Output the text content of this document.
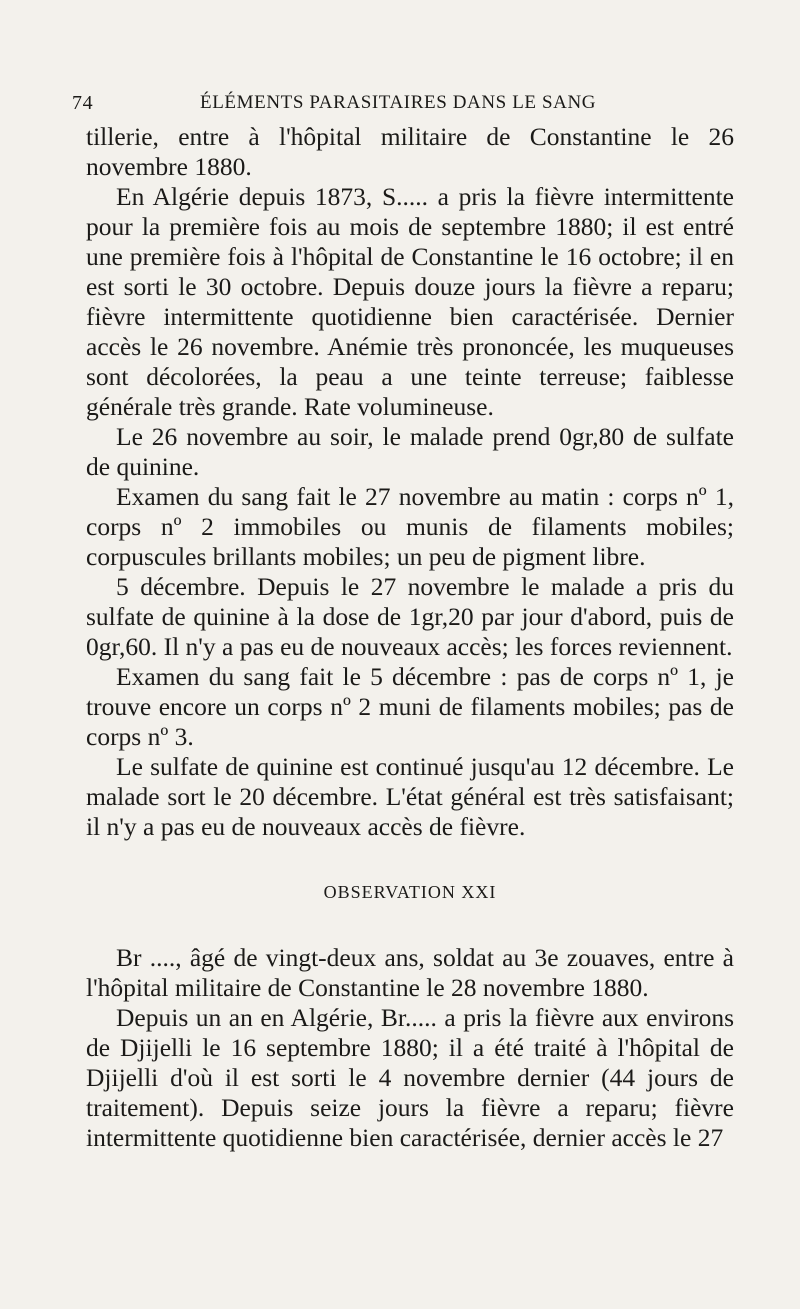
74	ÉLÉMENTS PARASITAIRES DANS LE SANG

tillerie, entre à l'hôpital militaire de Constantine le 26 novembre 1880.

En Algérie depuis 1873, S..... a pris la fièvre intermittente pour la première fois au mois de septembre 1880; il est entré une première fois à l'hôpital de Constantine le 16 octobre; il en est sorti le 30 octobre. Depuis douze jours la fièvre a reparu; fièvre intermittente quotidienne bien caractérisée. Dernier accès le 26 novembre. Anémie très prononcée, les muqueuses sont décolorées, la peau a une teinte terreuse; faiblesse générale très grande. Rate volumineuse.

Le 26 novembre au soir, le malade prend 0gr,80 de sulfate de quinine.

Examen du sang fait le 27 novembre au matin : corps nº 1, corps nº 2 immobiles ou munis de filaments mobiles; corpuscules brillants mobiles; un peu de pigment libre.

5 décembre. Depuis le 27 novembre le malade a pris du sulfate de quinine à la dose de 1gr,20 par jour d'abord, puis de 0gr,60. Il n'y a pas eu de nouveaux accès; les forces reviennent.

Examen du sang fait le 5 décembre : pas de corps nº 1, je trouve encore un corps nº 2 muni de filaments mobiles; pas de corps nº 3.

Le sulfate de quinine est continué jusqu'au 12 décembre. Le malade sort le 20 décembre. L'état général est très satisfaisant; il n'y a pas eu de nouveaux accès de fièvre.

OBSERVATION XXI

Br ...., âgé de vingt-deux ans, soldat au 3e zouaves, entre à l'hôpital militaire de Constantine le 28 novembre 1880.

Depuis un an en Algérie, Br..... a pris la fièvre aux environs de Djijelli le 16 septembre 1880; il a été traité à l'hôpital de Djijelli d'où il est sorti le 4 novembre dernier (44 jours de traitement). Depuis seize jours la fièvre a reparu; fièvre intermittente quotidienne bien caractérisée, dernier accès le 27
